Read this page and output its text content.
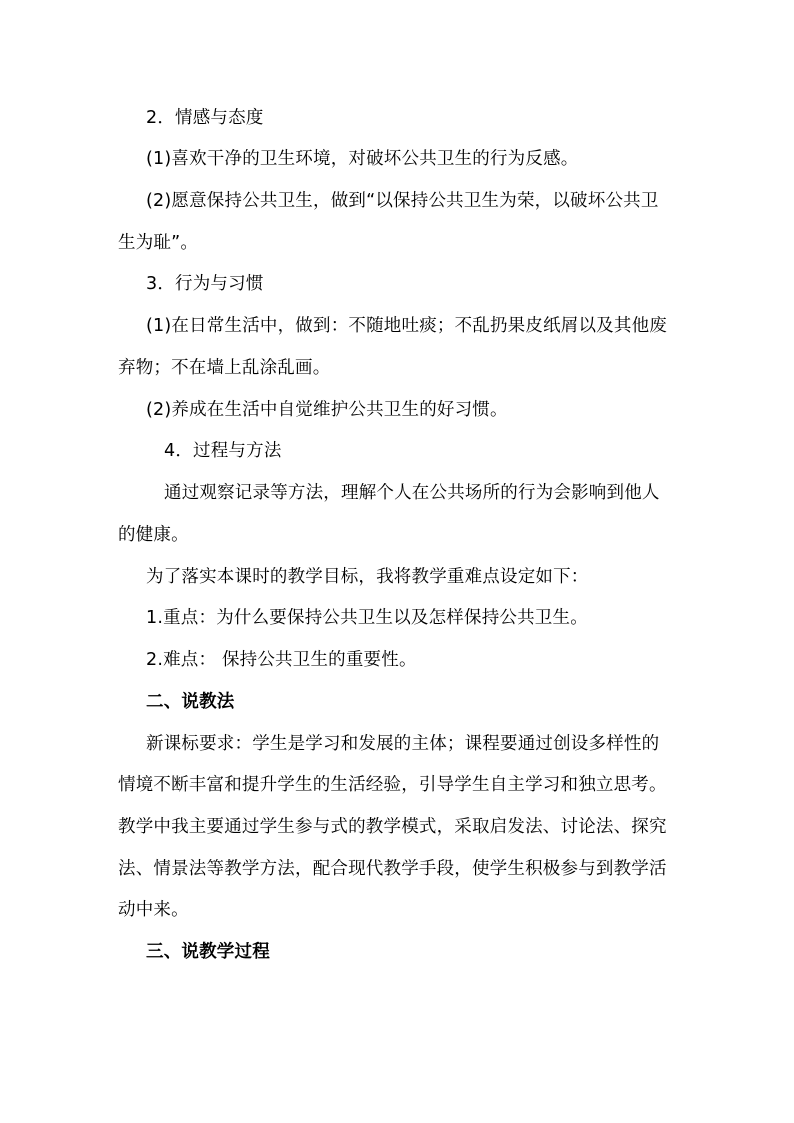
2．情感与态度
(1)喜欢干净的卫生环境，对破坏公共卫生的行为反感。
(2)愿意保持公共卫生，做到“以保持公共卫生为荣，以破坏公共卫
生为耻”。
3．行为与习惯
(1)在日常生活中，做到：不随地吐痰；不乱扔果皮纸屑以及其他废
弃物；不在墙上乱涂乱画。
(2)养成在生活中自觉维护公共卫生的好习惯。
4．过程与方法
通过观察记录等方法，理解个人在公共场所的行为会影响到他人
的健康。
为了落实本课时的教学目标，我将教学重难点设定如下：
1.重点：为什么要保持公共卫生以及怎样保持公共卫生。
2.难点： 保持公共卫生的重要性。
二、说教法
新课标要求：学生是学习和发展的主体；课程要通过创设多样性的
情境不断丰富和提升学生的生活经验，引导学生自主学习和独立思考。
教学中我主要通过学生参与式的教学模式，采取启发法、讨论法、探究
法、情景法等教学方法，配合现代教学手段，使学生积极参与到教学活
动中来。
三、说教学过程
